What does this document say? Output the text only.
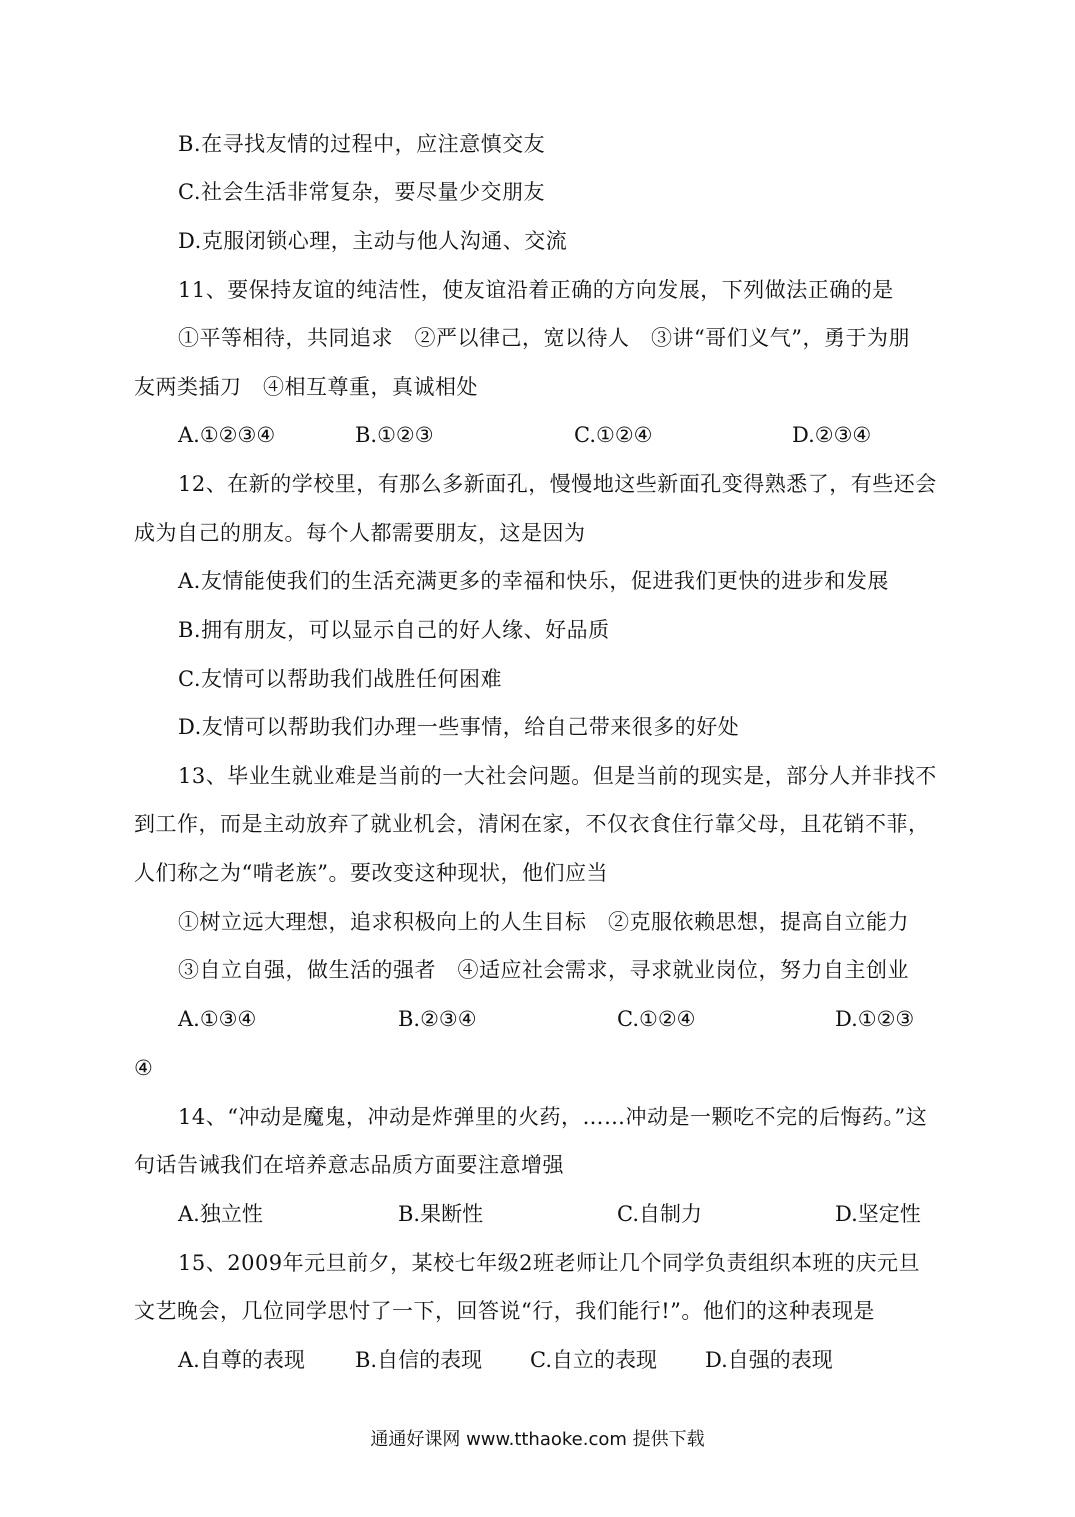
B.在寻找友情的过程中，应注意慎交友
C.社会生活非常复杂，要尽量少交朋友
D.克服闭锁心理，主动与他人沟通、交流
11、要保持友谊的纯洁性，使友谊沿着正确的方向发展，下列做法正确的是
①平等相待，共同追求　②严以律己，宽以待人　③讲“哥们义气”，勇于为朋
友两类插刀　④相互尊重，真诚相处
A.①②③④	B.①②③	C.①②④	D.②③④
12、在新的学校里，有那么多新面孔，慢慢地这些新面孔变得熟悉了，有些还会
成为自己的朋友。每个人都需要朋友，这是因为
A.友情能使我们的生活充满更多的幸福和快乐，促进我们更快的进步和发展
B.拥有朋友，可以显示自己的好人缘、好品质
C.友情可以帮助我们战胜任何困难
D.友情可以帮助我们办理一些事情，给自己带来很多的好处
13、毕业生就业难是当前的一大社会问题。但是当前的现实是，部分人并非找不
到工作，而是主动放弃了就业机会，清闲在家，不仅衣食住行靠父母，且花销不菲，
人们称之为“啃老族”。要改变这种现状，他们应当
①树立远大理想，追求积极向上的人生目标　②克服依赖思想，提高自立能力
③自立自强，做生活的强者　④适应社会需求，寻求就业岗位，努力自主创业
A.①③④	B.②③④	C.①②④	D.①②③
④
14、“冲动是魔鬼，冲动是炸弹里的火药，……冲动是一颗吃不完的后悔药。”这
句话告诫我们在培养意志品质方面要注意增强
A.独立性	B.果断性	C.自制力	D.坚定性
15、2009年元旦前夕，某校七年级2班老师让几个同学负责组织本班的庆元旦
文艺晚会，几位同学思忖了一下，回答说“行，我们能行!”。他们的这种表现是
A.自尊的表现 B.自信的表现 C.自立的表现 D.自强的表现
通通好课网 www.tthaoke.com 提供下载
